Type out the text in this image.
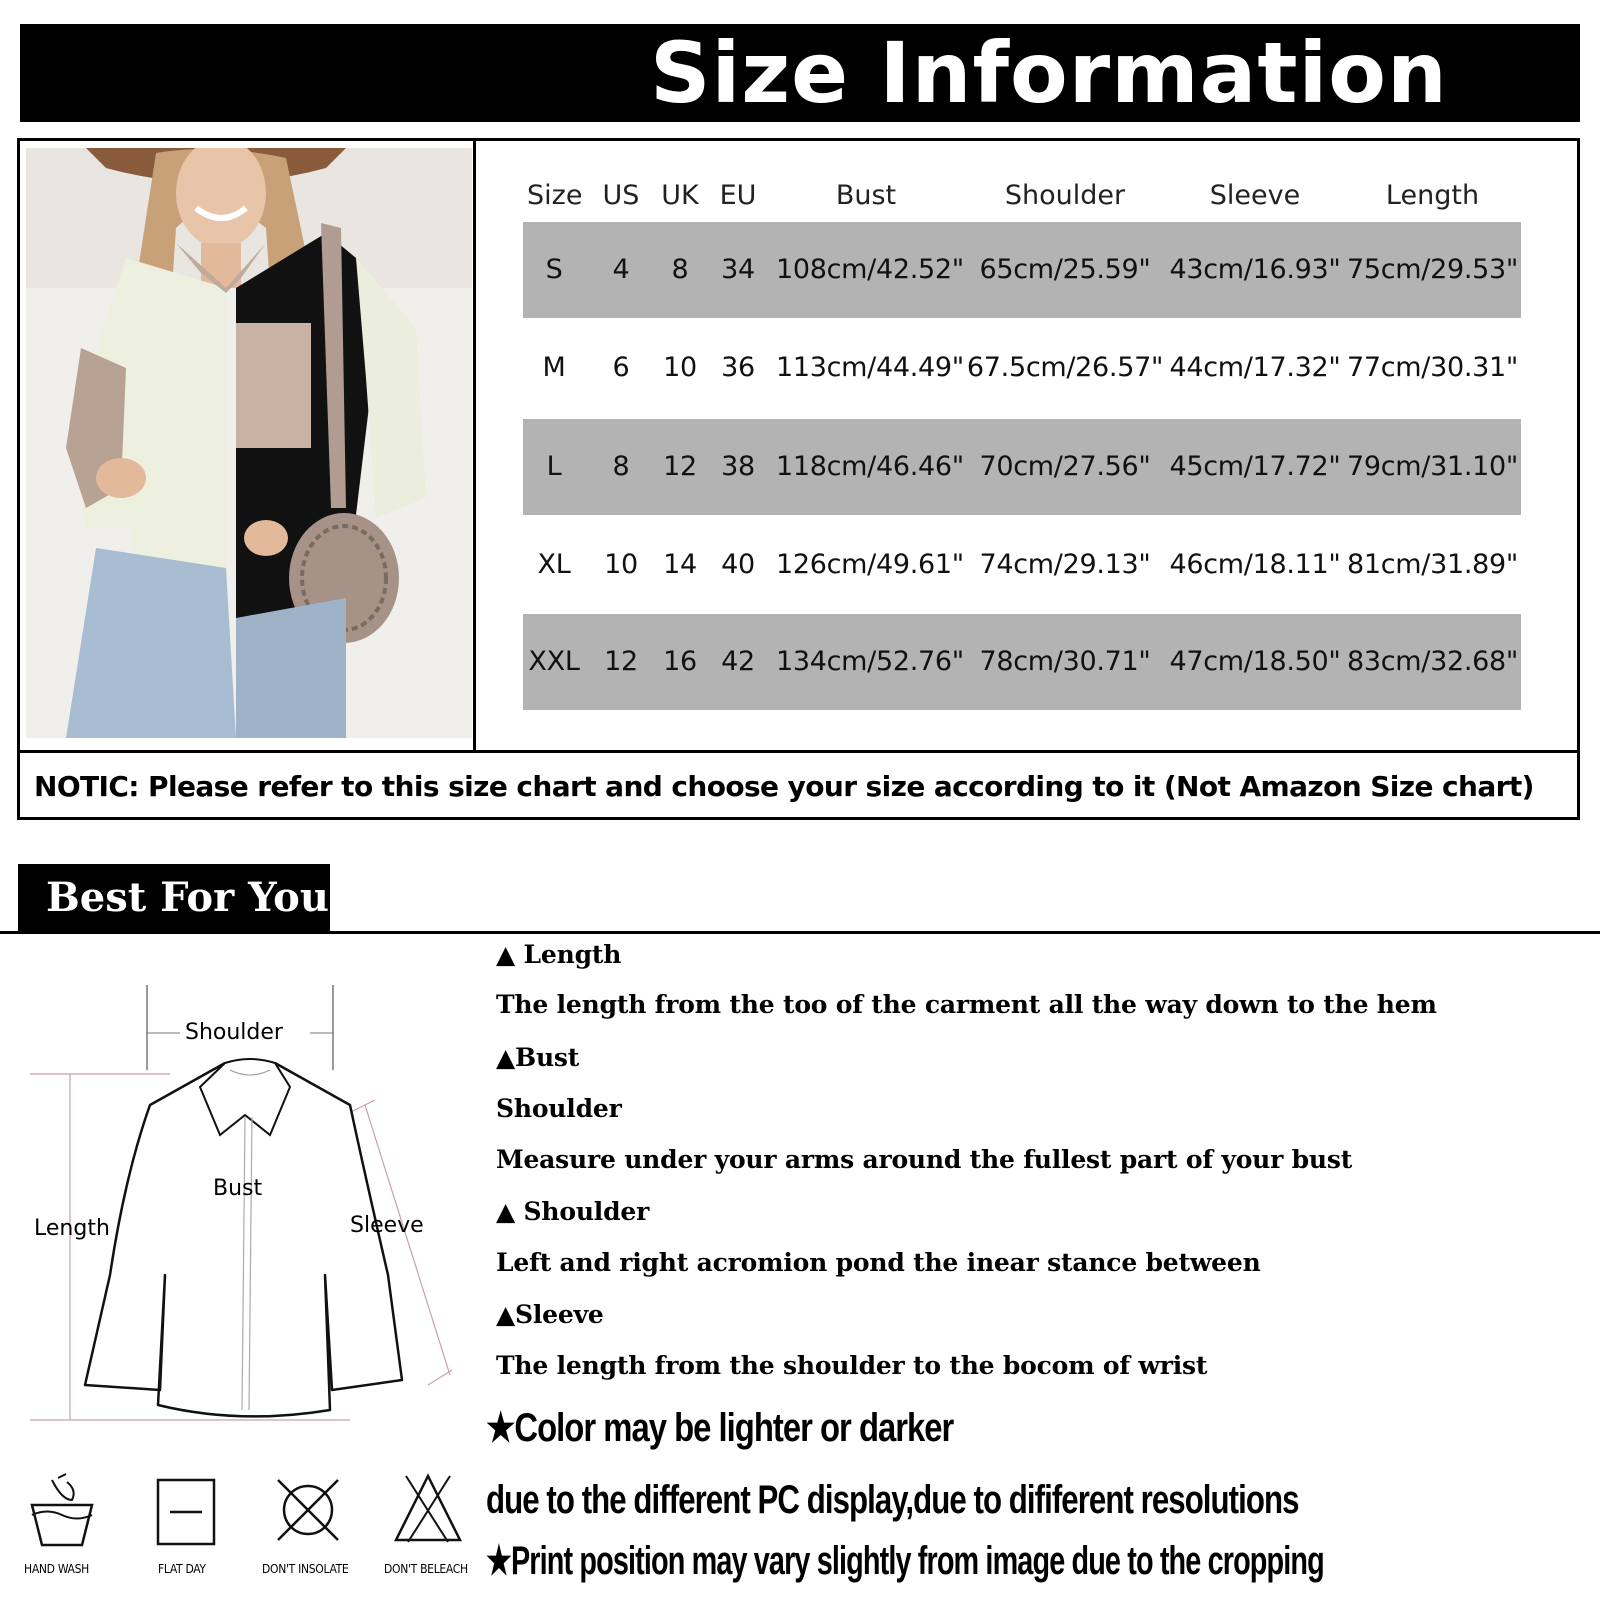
Size Information
Size US UK EU	Bust	Shoulder	Sleeve	Length
S	4	8	34 108cm/42.52" 65cm/25.59" 43cm/16.93" 75cm/29.53"
M	6	10 36 113cm/44.49" 67.5cm/26.57" 44cm/17.32" 77cm/30.31"
L	8	12 38 118cm/46.46" 70cm/27.56" 45cm/17.72" 79cm/31.10"
XL	10 14 40 126cm/49.61" 74cm/29.13" 46cm/18.11" 81cm/31.89"
XXL 12 16 42 134cm/52.76" 78cm/30.71" 47cm/18.50" 83cm/32.68"
NOTIC: Please refer to this size chart and choose your size according to it (Not Amazon Size chart)
Best For You
Shoulder
Bust
Length	Sleeve
HAND WASH	FLAT DAY	DON'T INSOLATE	DON'T BELEACH
▲ Length
The length from the too of the carment all the way down to the hem
▲Bust
Shoulder
Measure under your arms around the fullest part of your bust
▲ Shoulder
Left and right acromion pond the inear stance between
▲Sleeve
The length from the shoulder to the bocom of wrist
★Color may be lighter or darker
due to the different PC display,due to dififerent resolutions
★Print position may vary slightly from image due to the cropping
